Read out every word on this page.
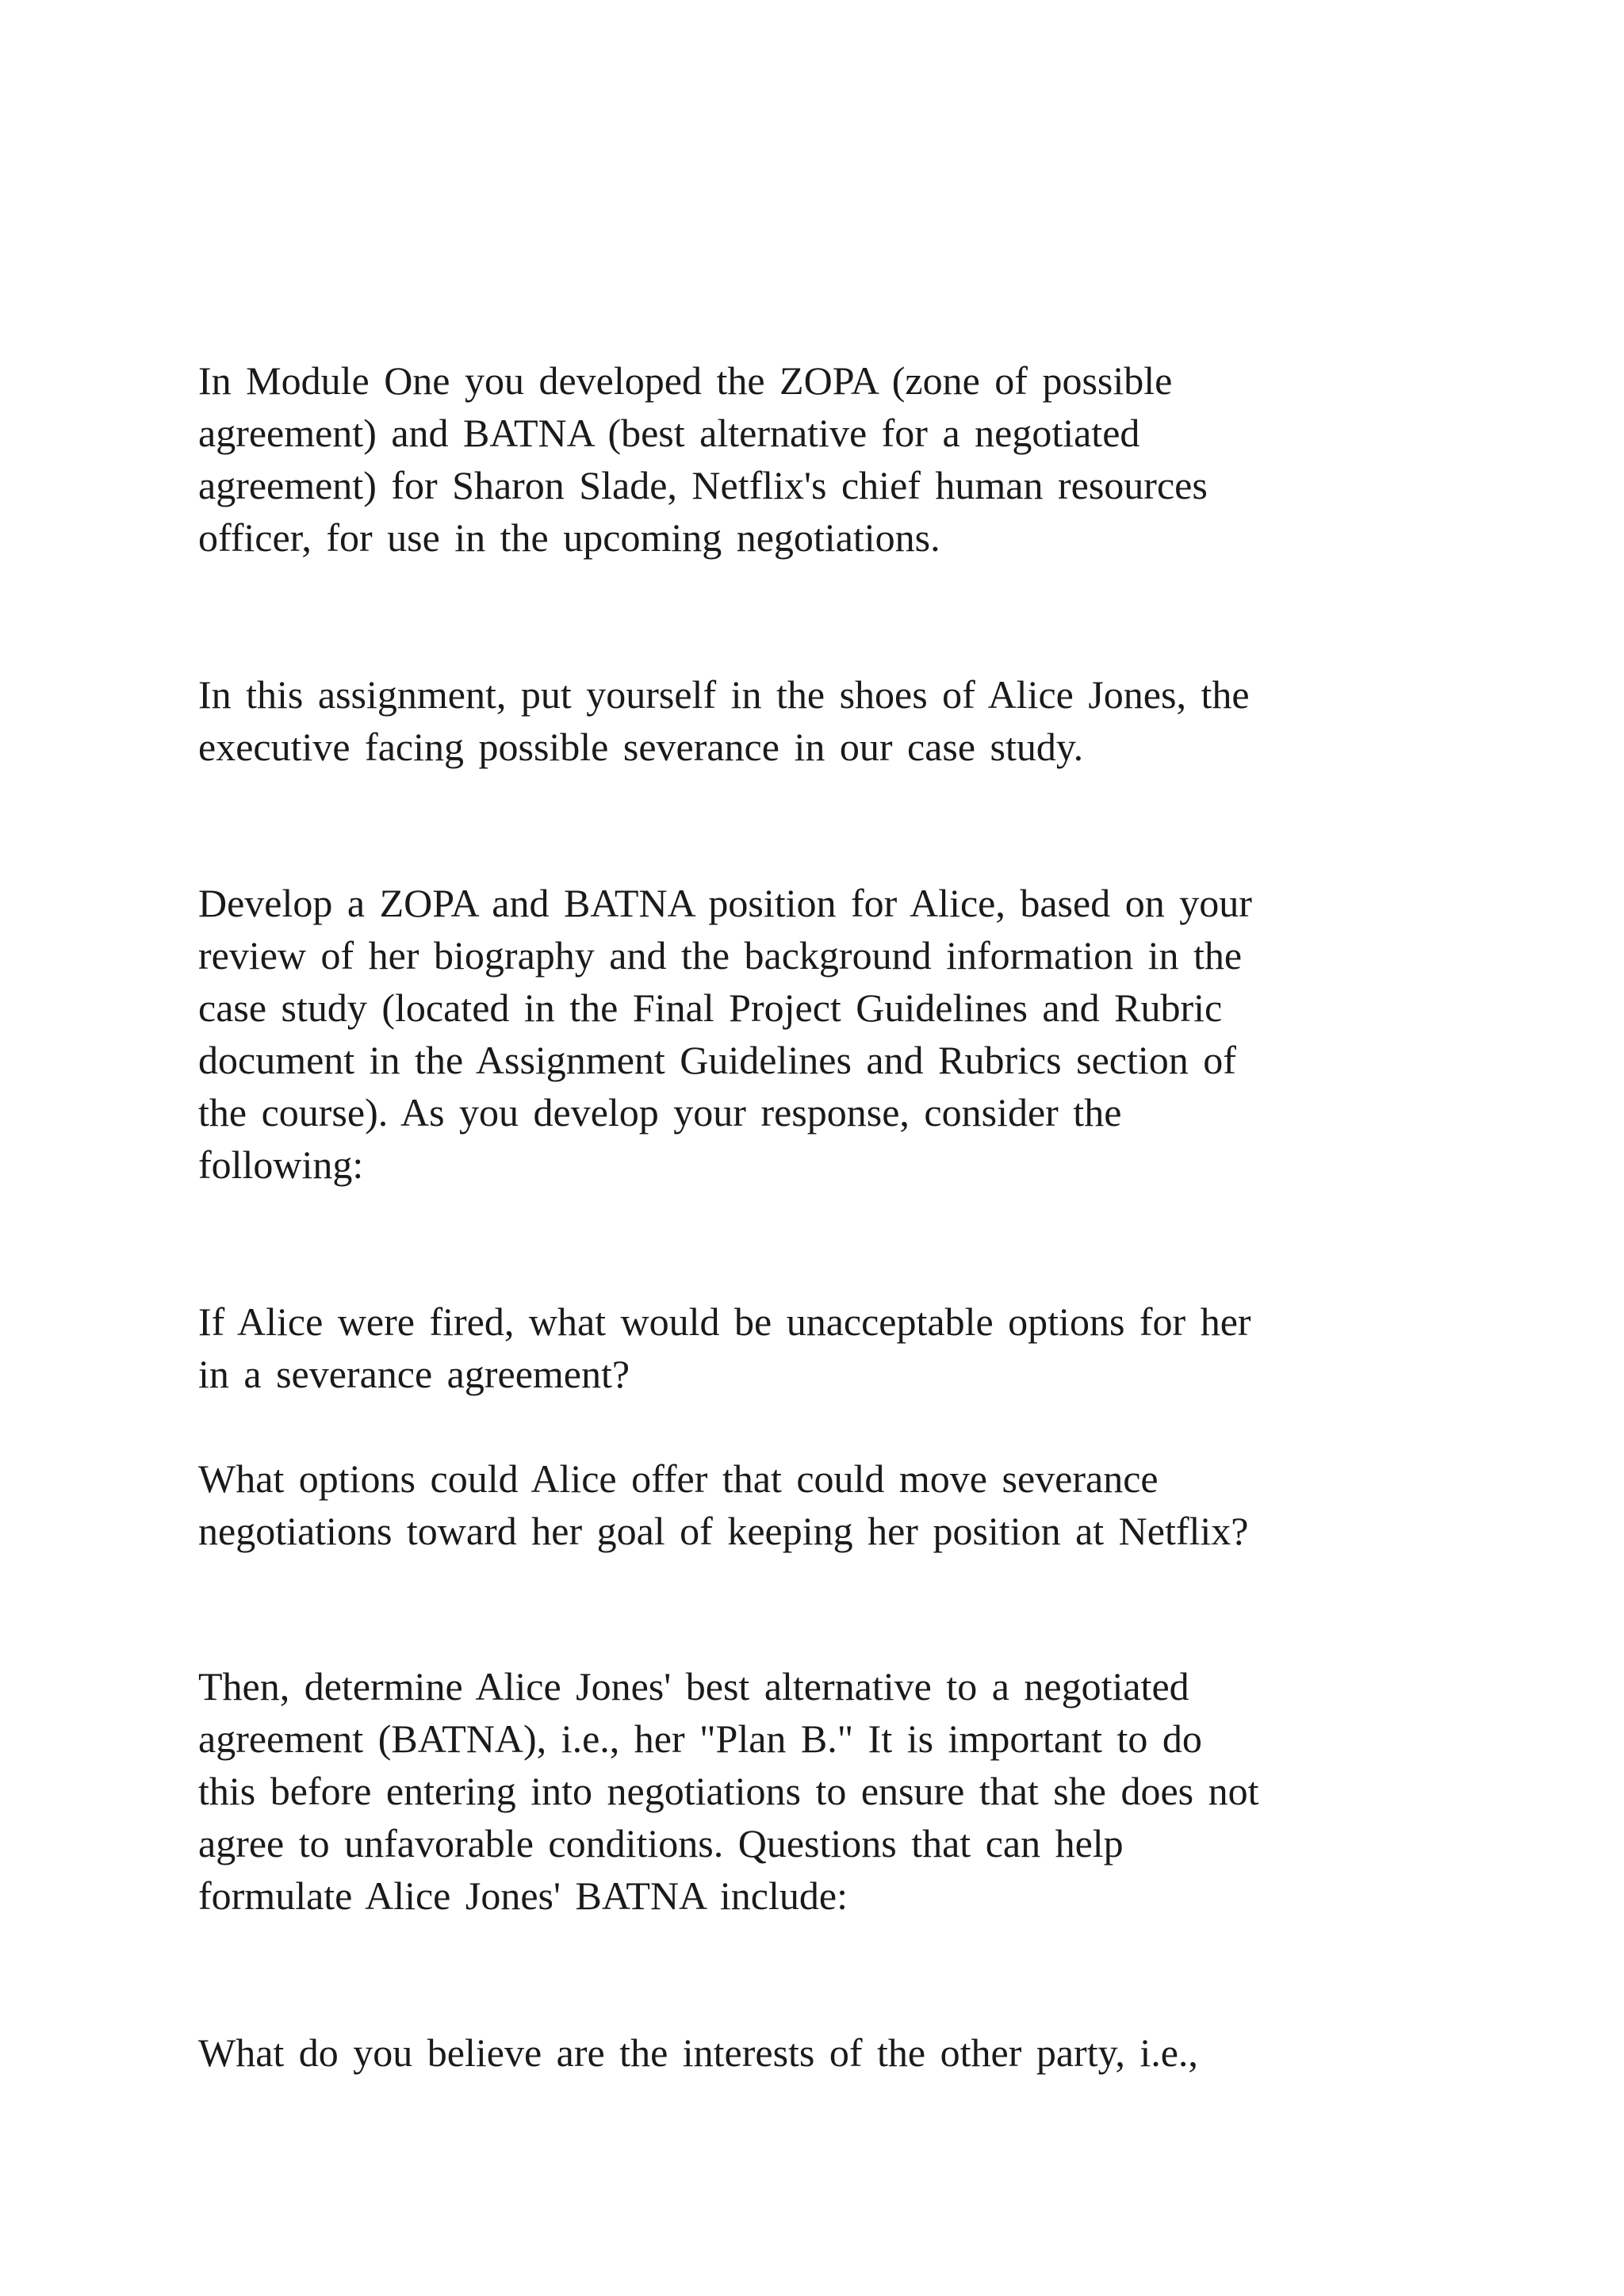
In Module One you developed the ZOPA (zone of possible

agreement) and BATNA (best alternative for a negotiated

agreement) for Sharon Slade, Netflix's chief human resources

officer, for use in the upcoming negotiations.

In this assignment, put yourself in the shoes of Alice Jones, the

executive facing possible severance in our case study.

Develop a ZOPA and BATNA position for Alice, based on your

review of her biography and the background information in the

case study (located in the Final Project Guidelines and Rubric

document in the Assignment Guidelines and Rubrics section of

the course). As you develop your response, consider the

following:

If Alice were fired, what would be unacceptable options for her

in a severance agreement?

What options could Alice offer that could move severance

negotiations toward her goal of keeping her position at Netflix?

Then, determine Alice Jones' best alternative to a negotiated

agreement (BATNA), i.e., her "Plan B." It is important to do

this before entering into negotiations to ensure that she does not

agree to unfavorable conditions. Questions that can help

formulate Alice Jones' BATNA include:

What do you believe are the interests of the other party, i.e.,
